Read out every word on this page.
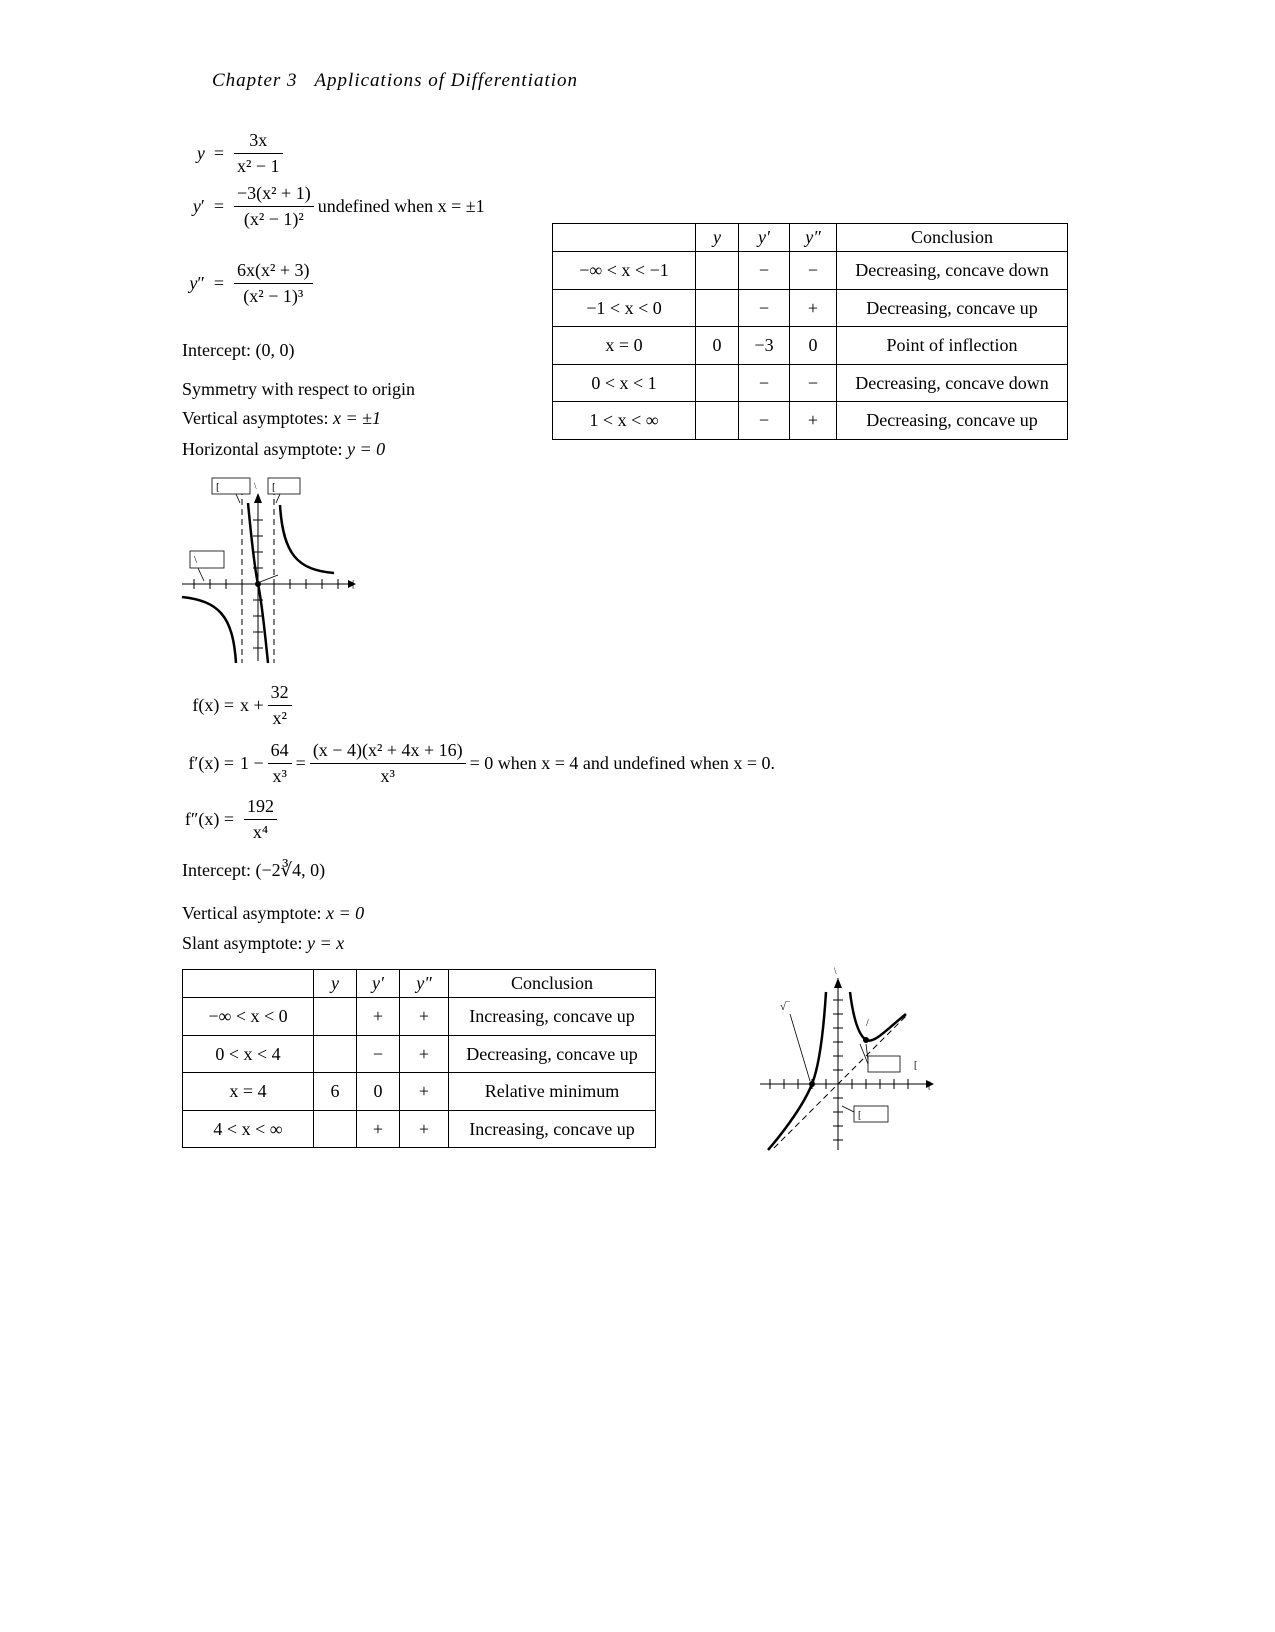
Chapter 3 Applications of Differentiation
$y = \frac{3x}{\text{x² − 1}}$
$y' = \frac{\text{−3(x² + 1)}}{\text{(x² − 1)²}}$ undefined when x = ±1
$y'' = \frac{\text{6x(x² + 3)}}{\text{(x² − 1)³}}$
Intercept: (0, 0)
Symmetry with respect to origin
Vertical asymptotes: x = ±1
Horizontal asymptote: y = 0
	y	y′	y″	Conclusion
−∞ < x < −1		−	−	Decreasing, concave down
−1 < x < 0		−	+	Decreasing, concave up
x = 0	0	−3	0	Point of inflection
0 < x < 1		−	−	Decreasing, concave down
1 < x < ∞		−	+	Decreasing, concave up
[	[
\
\
[
$f(x) = x + \frac{32}{\text{x²}}$
$f'(x) = 1 - \frac{64}{\text{x³}} = \frac{\text{(x − 4)(x² + 4x + 16)}}{\text{x³}} = 0$ when x = 4 and undefined when x = 0.
$f''(x) = \frac{192}{\text{x⁴}}$
Intercept: (−2∛4, 0)
Vertical asymptote: x = 0
Slant asymptote: y = x
	y	y′	y″	Conclusion
−∞ < x < 0		+	+	Increasing, concave up
0 < x < 4		−	+	Decreasing, concave up
x = 4	6	0	+	Relative minimum
4 < x < ∞		+	+	Increasing, concave up
√‾
/
[
[
\
[
